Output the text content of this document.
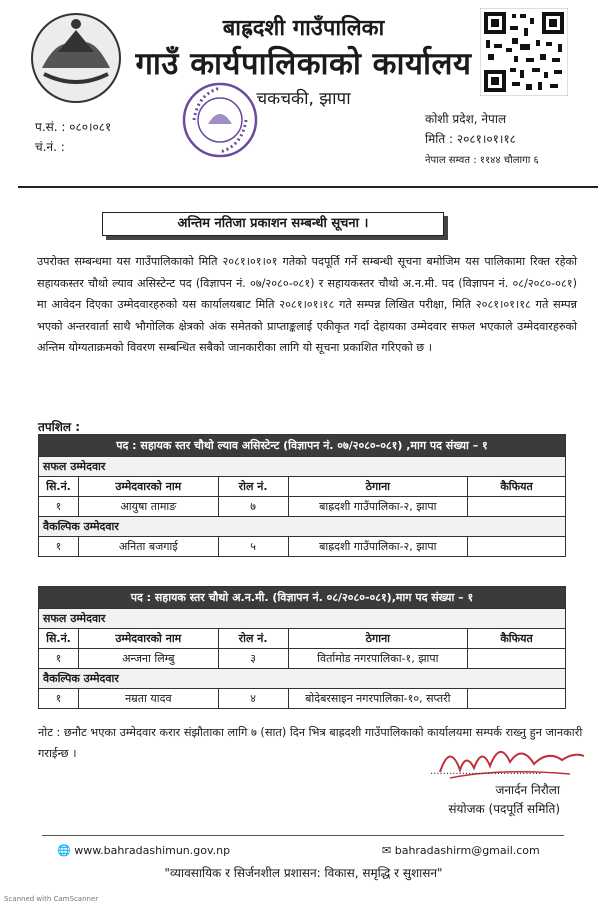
बाह्रदशी गाउँपालिका
गाउँ कार्यपालिकाको कार्यालय
चकचकी, झापा
प.सं. : ०८०।०८१
चं.नं. :
कोशी प्रदेश, नेपाल
मिति : २०८१।०१।१८
नेपाल सम्वत : ११४४ चौलागा ६
अन्तिम नतिजा प्रकाशन सम्बन्धी सूचना ।
उपरोक्त सम्बन्धमा यस गाउँपालिकाको मिति २०८१।०१।०१ गतेको पदपूर्ति गर्ने सम्बन्धी सूचना बमोजिम यस पालिकामा रिक्त रहेको सहायकस्तर चौथो ल्याव असिस्टेन्ट पद (विज्ञापन नं. ०७/२०८०-०८१) र सहायकस्तर चौथो अ.न.मी. पद (विज्ञापन नं. ०८/२०८०-०८१) मा आवेदन दिएका उम्मेदवारहरुको यस कार्यालयबाट मिति २०८१।०१।१८ गते सम्पन्न लिखित परीक्षा, मिति २०८१।०१।१८ गते सम्पन्न भएको अन्तरवार्ता साथै भौगोलिक क्षेत्रको अंक समेतको प्राप्ताङ्कलाई एकीकृत गर्दा देहायका उम्मेदवार सफल भएकाले उम्मेदवारहरुको अन्तिम योग्यताक्रमको विवरण सम्बन्धित सबैको जानकारीका लागि यो सूचना प्रकाशित गरिएको छ ।
तपशिल :
पद : सहायक स्तर चौथो ल्याव असिस्टेन्ट (विज्ञापन नं. ०७/२०८०-०८१) ,माग पद संख्या – १				
सफल उम्मेदवार				
सि.नं.	उम्मेदवारको नाम	रोल नं.	ठेगाना	कैफियत
१	आयुषा तामाङ	७	बाह्रदशी गाउँपालिका-२, झापा	
वैकल्पिक उम्मेदवार				
१	अनिता बजगाई	५	बाह्रदशी गाउँपालिका-२, झापा	
पद : सहायक स्तर चौथो अ.न.मी. (विज्ञापन नं. ०८/२०८०-०८१),माग पद संख्या – १				
सफल उम्मेदवार				
सि.नं.	उम्मेदवारको नाम	रोल नं.	ठेगाना	कैफियत
१	अन्जना लिम्बु	३	विर्तामोड नगरपालिका-१, झापा	
वैकल्पिक उम्मेदवार				
१	नम्रता यादव	४	बोदेबरसाइन नगरपालिका-१०, सप्तरी	
नोट : छनौट भएका उम्मेदवार करार संझौताका लागि ७ (सात) दिन भित्र बाह्रदशी गाउँपालिकाको कार्यालयमा सम्पर्क राख्नु हुन जानकारी गराईन्छ ।
...................................
जनार्दन निरौला
संयोजक (पदपूर्ति समिति)
🌐 www.bahradashimun.gov.np	✉ bahradashirm@gmail.com
"व्यावसायिक र सिर्जनशील प्रशासन: विकास, समृद्धि र सुशासन"
Scanned with CamScanner
